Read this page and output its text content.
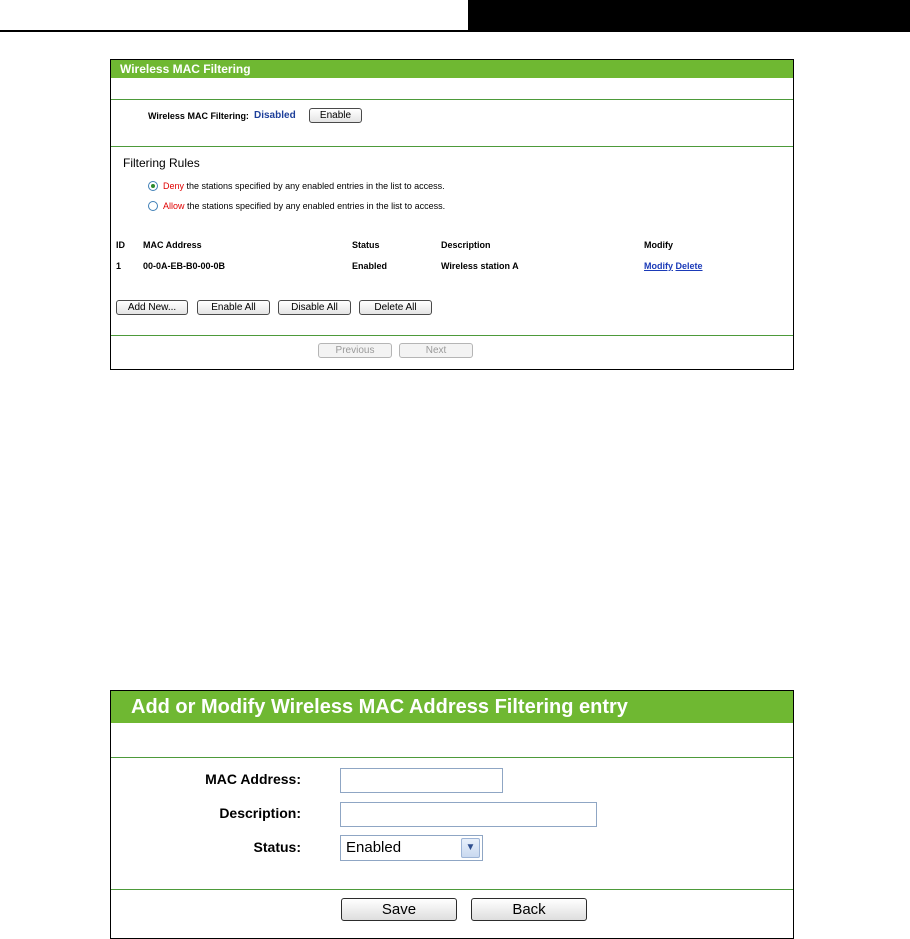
Wireless MAC Filtering
Wireless MAC Filtering: Disabled	Enable
Filtering Rules
Deny the stations specified by any enabled entries in the list to access.
Allow the stations specified by any enabled entries in the list to access.
ID MAC Address	Status	Description	Modify
1 00-0A-EB-B0-00-0B	Enabled	Wireless station A	Modify Delete
Add New...	Enable All	Disable All	Delete All
Previous	Next
Add or Modify Wireless MAC Address Filtering entry
MAC Address:
Description:
Status:	Enabled	▼
Save	Back
